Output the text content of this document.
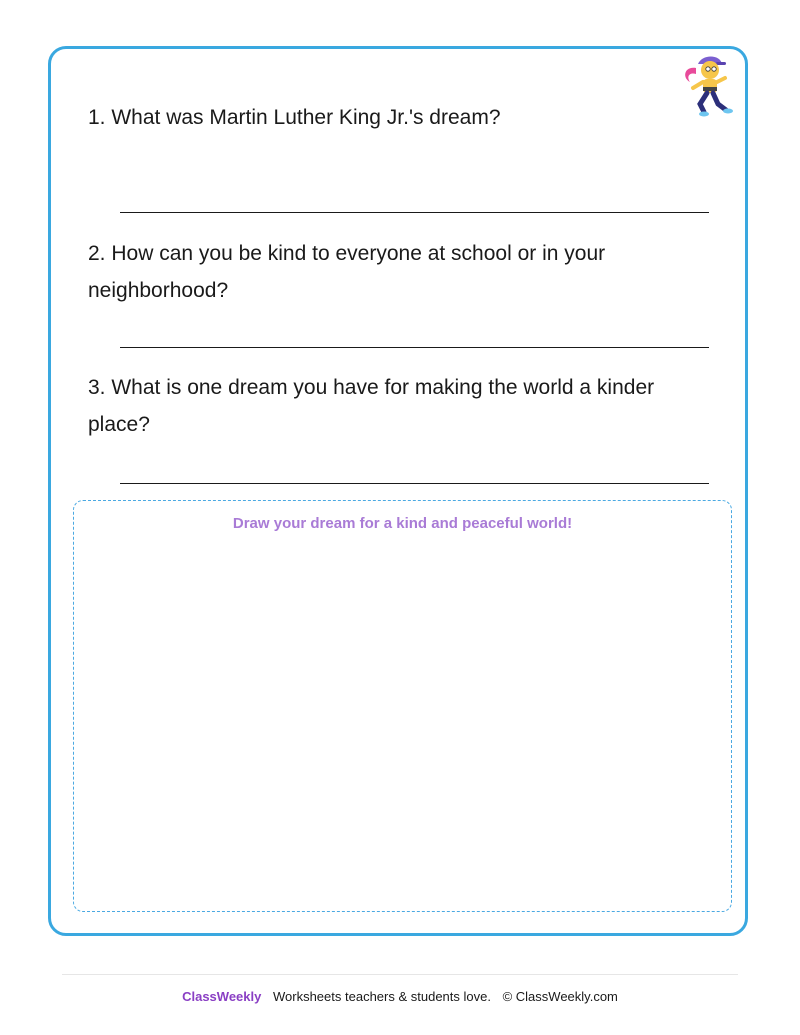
1. What was Martin Luther King Jr.'s dream?
2. How can you be kind to everyone at school or in your neighborhood?
3. What is one dream you have for making the world a kinder place?
Draw your dream for a kind and peaceful world!
ClassWeekly Worksheets teachers & students love. © ClassWeekly.com
